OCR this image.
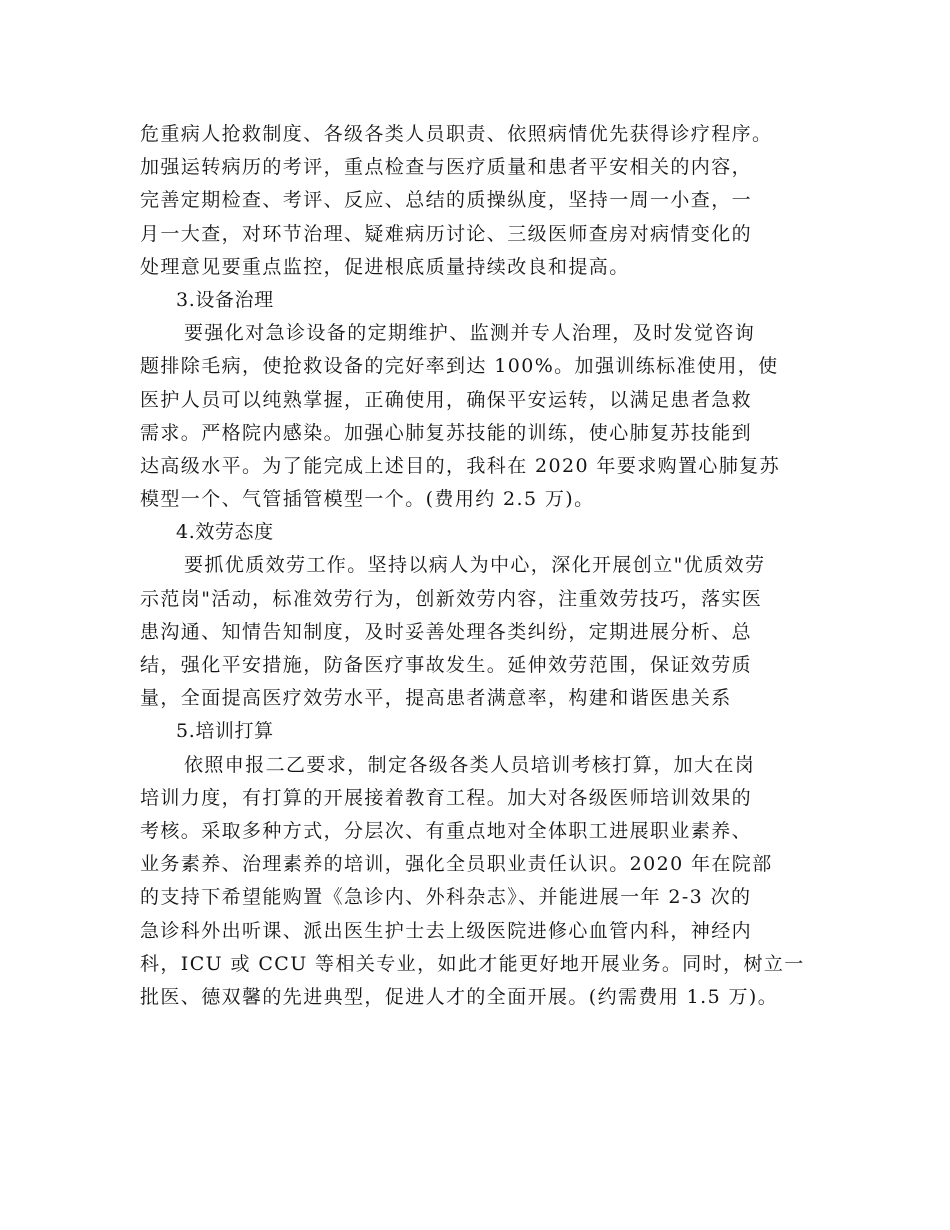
危重病人抢救制度、各级各类人员职责、依照病情优先获得诊疗程序。
加强运转病历的考评，重点检查与医疗质量和患者平安相关的内容，
完善定期检查、考评、反应、总结的质操纵度，坚持一周一小查，一
月一大查，对环节治理、疑难病历讨论、三级医师查房对病情变化的
处理意见要重点监控，促进根底质量持续改良和提高。
3.设备治理
要强化对急诊设备的定期维护、监测并专人治理，及时发觉咨询
题排除毛病，使抢救设备的完好率到达 100%。加强训练标准使用，使
医护人员可以纯熟掌握，正确使用，确保平安运转，以满足患者急救
需求。严格院内感染。加强心肺复苏技能的训练，使心肺复苏技能到
达高级水平。为了能完成上述目的，我科在 2020 年要求购置心肺复苏
模型一个、气管插管模型一个。(费用约 2.5 万)。
4.效劳态度
要抓优质效劳工作。坚持以病人为中心，深化开展创立"优质效劳
示范岗"活动，标准效劳行为，创新效劳内容，注重效劳技巧，落实医
患沟通、知情告知制度，及时妥善处理各类纠纷，定期进展分析、总
结，强化平安措施，防备医疗事故发生。延伸效劳范围，保证效劳质
量，全面提高医疗效劳水平，提高患者满意率，构建和谐医患关系
5.培训打算
依照申报二乙要求，制定各级各类人员培训考核打算，加大在岗
培训力度，有打算的开展接着教育工程。加大对各级医师培训效果的
考核。采取多种方式，分层次、有重点地对全体职工进展职业素养、
业务素养、治理素养的培训，强化全员职业责任认识。2020 年在院部
的支持下希望能购置《急诊内、外科杂志》、并能进展一年 2-3 次的
急诊科外出听课、派出医生护士去上级医院进修心血管内科，神经内
科，ICU 或 CCU 等相关专业，如此才能更好地开展业务。同时，树立一
批医、德双馨的先进典型，促进人才的全面开展。(约需费用 1.5 万)。
